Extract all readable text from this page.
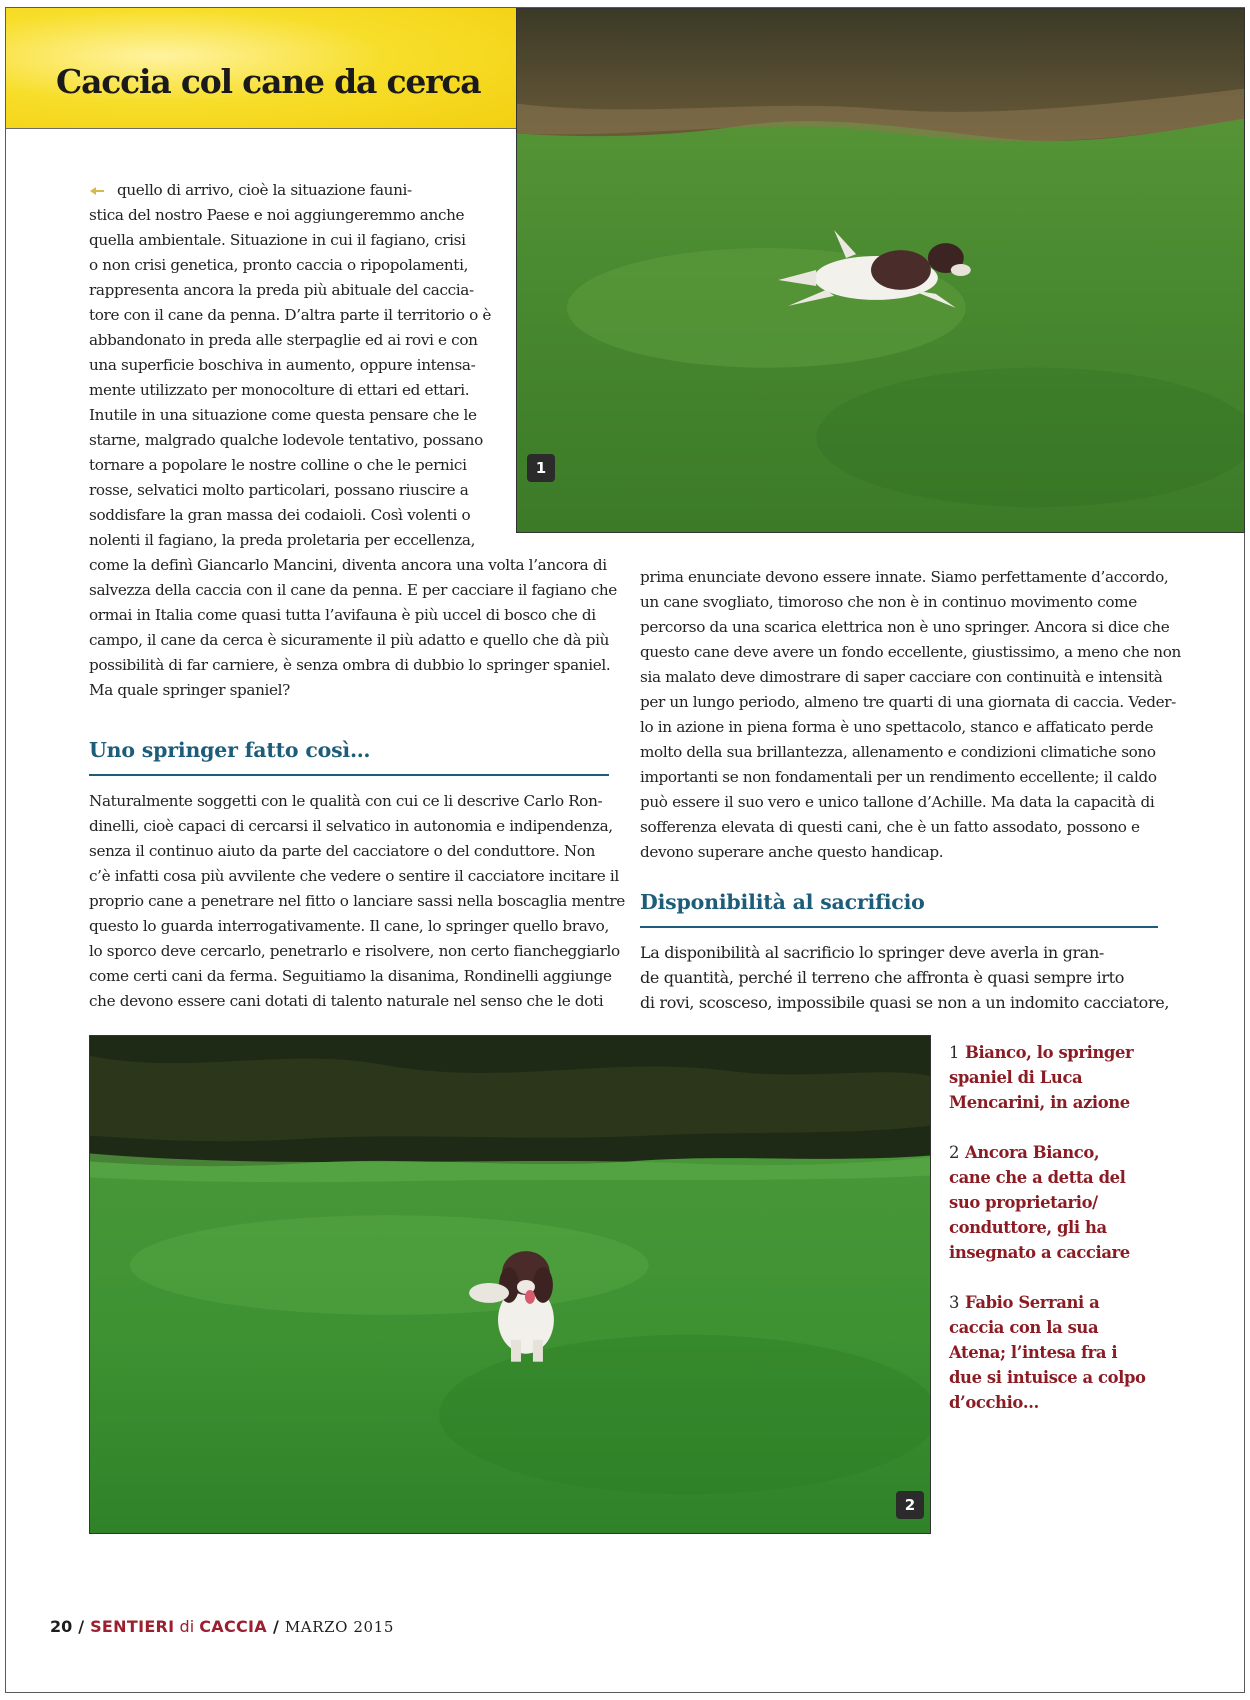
Caccia col cane da cerca
1
quello di arrivo, cioè la situazione fauni-
stica del nostro Paese e noi aggiungeremmo anche
quella ambientale. Situazione in cui il fagiano, crisi
o non crisi genetica, pronto caccia o ripopolamenti,
rappresenta ancora la preda più abituale del caccia-
tore con il cane da penna. D’altra parte il territorio o è
abbandonato in preda alle sterpaglie ed ai rovi e con
una superficie boschiva in aumento, oppure intensa-
mente utilizzato per monocolture di ettari ed ettari.
Inutile in una situazione come questa pensare che le
starne, malgrado qualche lodevole tentativo, possano
tornare a popolare le nostre colline o che le pernici
rosse, selvatici molto particolari, possano riuscire a
soddisfare la gran massa dei codaioli. Così volenti o
nolenti il fagiano, la preda proletaria per eccellenza,
come la definì Giancarlo Mancini, diventa ancora una volta l’ancora di
salvezza della caccia con il cane da penna. E per cacciare il fagiano che
ormai in Italia come quasi tutta l’avifauna è più uccel di bosco che di
campo, il cane da cerca è sicuramente il più adatto e quello che dà più
possibilità di far carniere, è senza ombra di dubbio lo springer spaniel.
Ma quale springer spaniel?
Uno springer fatto così…
Naturalmente soggetti con le qualità con cui ce li descrive Carlo Ron-
dinelli, cioè capaci di cercarsi il selvatico in autonomia e indipendenza,
senza il continuo aiuto da parte del cacciatore o del conduttore. Non
c’è infatti cosa più avvilente che vedere o sentire il cacciatore incitare il
proprio cane a penetrare nel fitto o lanciare sassi nella boscaglia mentre
questo lo guarda interrogativamente. Il cane, lo springer quello bravo,
lo sporco deve cercarlo, penetrarlo e risolvere, non certo fiancheggiarlo
come certi cani da ferma. Seguitiamo la disanima, Rondinelli aggiunge
che devono essere cani dotati di talento naturale nel senso che le doti
prima enunciate devono essere innate. Siamo perfettamente d’accordo,
un cane svogliato, timoroso che non è in continuo movimento come
percorso da una scarica elettrica non è uno springer. Ancora si dice che
questo cane deve avere un fondo eccellente, giustissimo, a meno che non
sia malato deve dimostrare di saper cacciare con continuità e intensità
per un lungo periodo, almeno tre quarti di una giornata di caccia. Veder-
lo in azione in piena forma è uno spettacolo, stanco e affaticato perde
molto della sua brillantezza, allenamento e condizioni climatiche sono
importanti se non fondamentali per un rendimento eccellente; il caldo
può essere il suo vero e unico tallone d’Achille. Ma data la capacità di
sofferenza elevata di questi cani, che è un fatto assodato, possono e
devono superare anche questo handicap.
Disponibilità al sacrificio
La disponibilità al sacrificio lo springer deve averla in gran-
de quantità, perché il terreno che affronta è quasi sempre irto
di rovi, scosceso, impossibile quasi se non a un indomito cacciatore,
2

1 Bianco, lo springer
spaniel di Luca
Mencarini, in azione

2 Ancora Bianco,
cane che a detta del
suo proprietario/
conduttore, gli ha
insegnato a cacciare

3 Fabio Serrani a
caccia con la sua
Atena; l’intesa fra i
due si intuisce a colpo
d’occhio…

20 / SENTIERI di CACCIA / MARZO 2015
